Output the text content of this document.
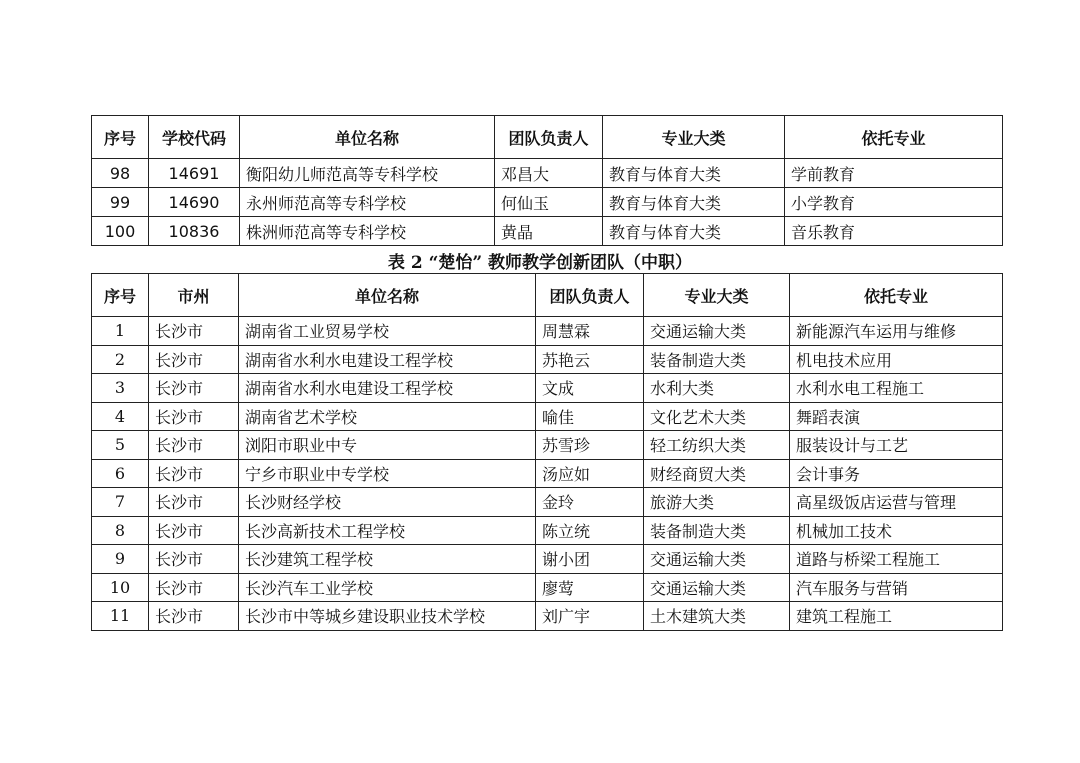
序号	学校代码	单位名称	团队负责人	专业大类	依托专业
98	14691	衡阳幼儿师范高等专科学校	邓昌大	教育与体育大类	学前教育
99	14690	永州师范高等专科学校	何仙玉	教育与体育大类	小学教育
100	10836	株洲师范高等专科学校	黄晶	教育与体育大类	音乐教育
表 2 “楚怡” 教师教学创新团队（中职）
序号	市州	单位名称	团队负责人	专业大类	依托专业
1	长沙市	湖南省工业贸易学校	周慧霖	交通运输大类	新能源汽车运用与维修
2	长沙市	湖南省水利水电建设工程学校	苏艳云	装备制造大类	机电技术应用
3	长沙市	湖南省水利水电建设工程学校	文成	水利大类	水利水电工程施工
4	长沙市	湖南省艺术学校	喻佳	文化艺术大类	舞蹈表演
5	长沙市	浏阳市职业中专	苏雪珍	轻工纺织大类	服装设计与工艺
6	长沙市	宁乡市职业中专学校	汤应如	财经商贸大类	会计事务
7	长沙市	长沙财经学校	金玲	旅游大类	高星级饭店运营与管理
8	长沙市	长沙高新技术工程学校	陈立统	装备制造大类	机械加工技术
9	长沙市	长沙建筑工程学校	谢小团	交通运输大类	道路与桥梁工程施工
10	长沙市	长沙汽车工业学校	廖莺	交通运输大类	汽车服务与营销
11	长沙市	长沙市中等城乡建设职业技术学校	刘广宇	土木建筑大类	建筑工程施工
